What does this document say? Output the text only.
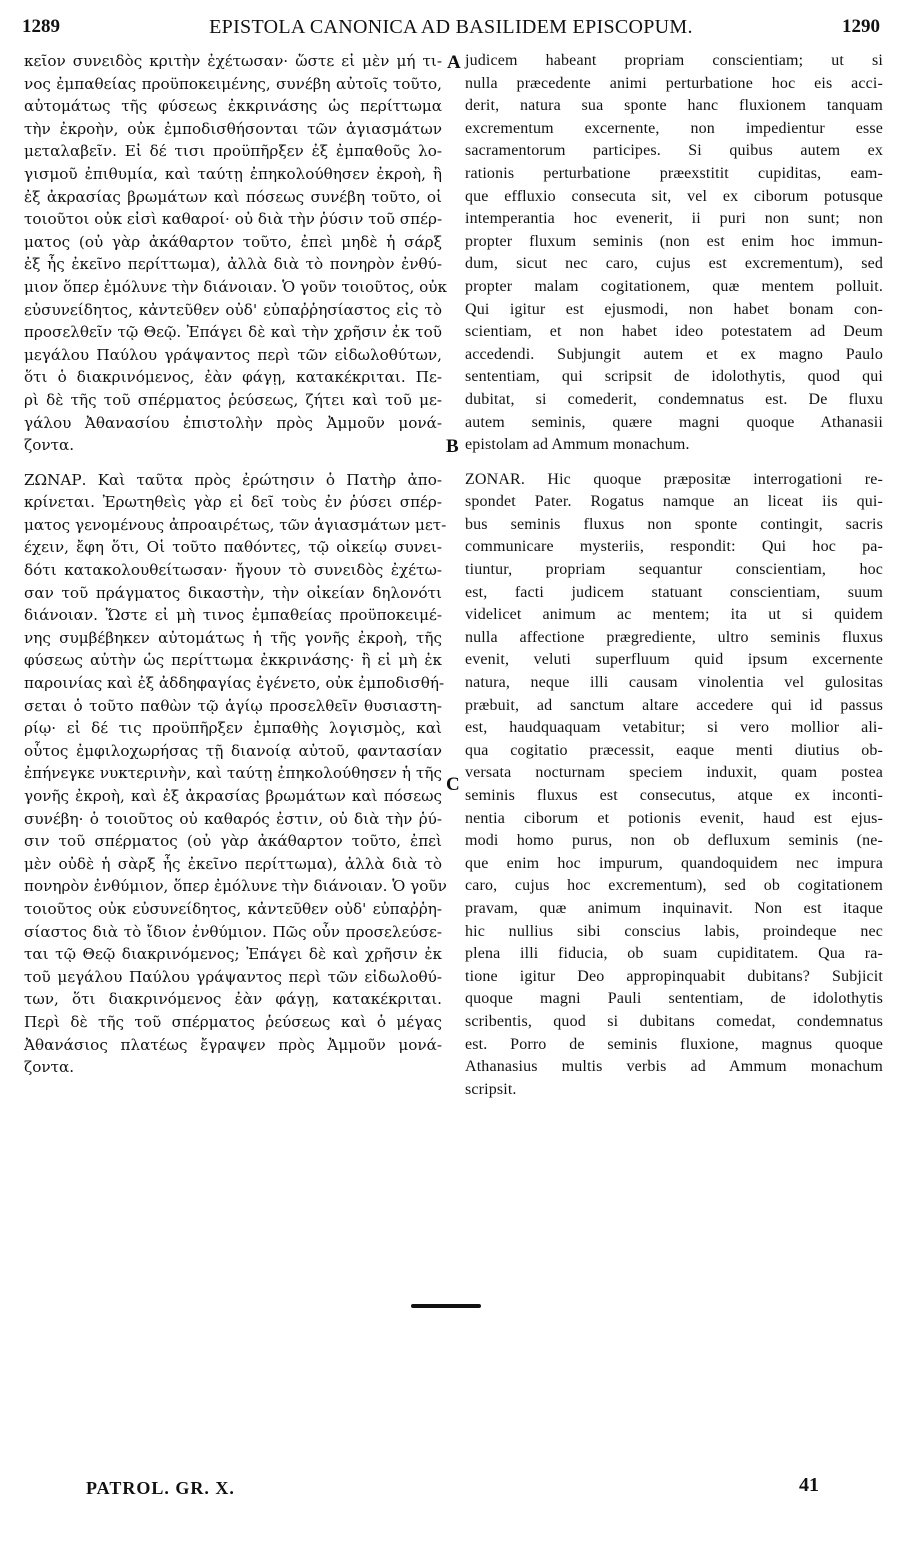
1289	EPISTOLA CANONICA AD BASILIDEM EPISCOPUM.	1290
κεῖον συνειδὸς κριτὴν ἐχέτωσαν· ὥστε εἰ μὲν μή τι-
νος ἐμπαθείας προϋποκειμένης, συνέβη αὐτοῖς τοῦτο,
αὐτομάτως τῆς φύσεως ἐκκρινάσης ὡς περίττωμα
τὴν ἐκροὴν, οὐκ ἐμποδισθήσονται τῶν ἁγιασμάτων
μεταλαβεῖν. Εἰ δέ τισι προϋπῆρξεν ἐξ ἐμπαθοῦς λο-
γισμοῦ ἐπιθυμία, καὶ ταύτῃ ἐπηκολούθησεν ἐκροὴ, ἢ
ἐξ ἀκρασίας βρωμάτων καὶ πόσεως συνέβη τοῦτο, οἱ
τοιοῦτοι οὐκ εἰσὶ καθαροί· οὐ διὰ τὴν ῥύσιν τοῦ σπέρ-
ματος (οὐ γὰρ ἀκάθαρτον τοῦτο, ἐπεὶ μηδὲ ἡ σάρξ
ἐξ ἧς ἐκεῖνο περίττωμα), ἀλλὰ διὰ τὸ πονηρὸν ἐνθύ-
μιον ὅπερ ἐμόλυνε τὴν διάνοιαν. Ὁ γοῦν τοιοῦτος, οὐκ
εὐσυνείδητος, κἀντεῦθεν οὐδ' εὐπαῤῥησίαστος εἰς τὸ
προσελθεῖν τῷ Θεῷ. Ἐπάγει δὲ καὶ τὴν χρῆσιν ἐκ τοῦ
μεγάλου Παύλου γράψαντος περὶ τῶν εἰδωλοθύτων,
ὅτι ὁ διακρινόμενος, ἐὰν φάγῃ, κατακέκριται. Πε-
ρὶ δὲ τῆς τοῦ σπέρματος ῥεύσεως, ζήτει καὶ τοῦ με-
γάλου Ἀθανασίου ἐπιστολὴν πρὸς Ἀμμοῦν μονά-
ζοντα.
ΖΩΝΑΡ. Καὶ ταῦτα πρὸς ἐρώτησιν ὁ Πατὴρ ἀπο-
κρίνεται. Ἐρωτηθεὶς γὰρ εἰ δεῖ τοὺς ἐν ῥύσει σπέρ-
ματος γενομένους ἀπροαιρέτως, τῶν ἁγιασμάτων μετ-
έχειν, ἔφη ὅτι, Οἱ τοῦτο παθόντες, τῷ οἰκείῳ συνει-
δότι κατακολουθείτωσαν· ἤγουν τὸ συνειδὸς ἐχέτω-
σαν τοῦ πράγματος δικαστὴν, τὴν οἰκείαν δηλονότι
διάνοιαν. Ὥστε εἰ μὴ τινος ἐμπαθείας προϋποκειμέ-
νης συμβέβηκεν αὐτομάτως ἡ τῆς γονῆς ἐκροὴ, τῆς
φύσεως αὐτὴν ὡς περίττωμα ἐκκρινάσης· ἢ εἰ μὴ ἐκ
παροινίας καὶ ἐξ ἀδδηφαγίας ἐγένετο, οὐκ ἐμποδισθή-
σεται ὁ τοῦτο παθὼν τῷ ἁγίῳ προσελθεῖν θυσιαστη-
ρίῳ· εἰ δέ τις προϋπῆρξεν ἐμπαθὴς λογισμὸς, καὶ
οὗτος ἐμφιλοχωρήσας τῇ διανοίᾳ αὐτοῦ, φαντασίαν
ἐπήνεγκε νυκτερινὴν, καὶ ταύτῃ ἐπηκολούθησεν ἡ τῆς
γονῆς ἐκροὴ, καὶ ἐξ ἀκρασίας βρωμάτων καὶ πόσεως
συνέβη· ὁ τοιοῦτος οὐ καθαρός ἐστιν, οὐ διὰ τὴν ῥύ-
σιν τοῦ σπέρματος (οὐ γὰρ ἀκάθαρτον τοῦτο, ἐπεὶ
μὲν οὐδὲ ἡ σὰρξ ἧς ἐκεῖνο περίττωμα), ἀλλὰ διὰ τὸ
πονηρὸν ἐνθύμιον, ὅπερ ἐμόλυνε τὴν διάνοιαν. Ὁ γοῦν
τοιοῦτος οὐκ εὐσυνείδητος, κἀντεῦθεν οὐδ' εὐπαῤῥη-
σίαστος διὰ τὸ ἴδιον ἐνθύμιον. Πῶς οὖν προσελεύσε-
ται τῷ Θεῷ διακρινόμενος; Ἐπάγει δὲ καὶ χρῆσιν ἐκ
τοῦ μεγάλου Παύλου γράψαντος περὶ τῶν εἰδωλοθύ-
των, ὅτι διακρινόμενος ἐὰν φάγῃ, κατακέκριται.
Περὶ δὲ τῆς τοῦ σπέρματος ῥεύσεως καὶ ὁ μέγας
Ἀθανάσιος πλατέως ἔγραψεν πρὸς Ἀμμοῦν μονά-
ζοντα.
judicem habeant propriam conscientiam; ut si
nulla præcedente animi perturbatione hoc eis acci-
derit, natura sua sponte hanc fluxionem tanquam
excrementum excernente, non impedientur esse
sacramentorum participes. Si quibus autem ex
rationis perturbatione præexstitit cupiditas, eam-
que effluxio consecuta sit, vel ex ciborum potusque
intemperantia hoc evenerit, ii puri non sunt; non
propter fluxum seminis (non est enim hoc immun-
dum, sicut nec caro, cujus est excrementum), sed
propter malam cogitationem, quæ mentem polluit.
Qui igitur est ejusmodi, non habet bonam con-
scientiam, et non habet ideo potestatem ad Deum
accedendi. Subjungit autem et ex magno Paulo
sententiam, qui scripsit de idolothytis, quod qui
dubitat, si comederit, condemnatus est. De fluxu
autem seminis, quære magni quoque Athanasii
epistolam ad Ammum monachum.
ZONAR. Hic quoque præpositæ interrogationi re-
spondet Pater. Rogatus namque an liceat iis qui-
bus seminis fluxus non sponte contingit, sacris
communicare mysteriis, respondit: Qui hoc pa-
tiuntur, propriam sequantur conscientiam, hoc
est, facti judicem statuant conscientiam, suum
videlicet animum ac mentem; ita ut si quidem
nulla affectione prægrediente, ultro seminis fluxus
evenit, veluti superfluum quid ipsum excernente
natura, neque illi causam vinolentia vel gulositas
præbuit, ad sanctum altare accedere qui id passus
est, haudquaquam vetabitur; si vero mollior ali-
qua cogitatio præcessit, eaque menti diutius ob-
versata nocturnam speciem induxit, quam postea
seminis fluxus est consecutus, atque ex inconti-
nentia ciborum et potionis evenit, haud est ejus-
modi homo purus, non ob defluxum seminis (ne-
que enim hoc impurum, quandoquidem nec impura
caro, cujus hoc excrementum), sed ob cogitationem
pravam, quæ animum inquinavit. Non est itaque
hic nullius sibi conscius labis, proindeque nec
plena illi fiducia, ob suam cupiditatem. Qua ra-
tione igitur Deo appropinquabit dubitans? Subjicit
quoque magni Pauli sententiam, de idolothytis
scribentis, quod si dubitans comedat, condemnatus
est. Porro de seminis fluxione, magnus quoque
Athanasius multis verbis ad Ammum monachum
scripsit.
A
B
C
PATROL. GR. X.	41
